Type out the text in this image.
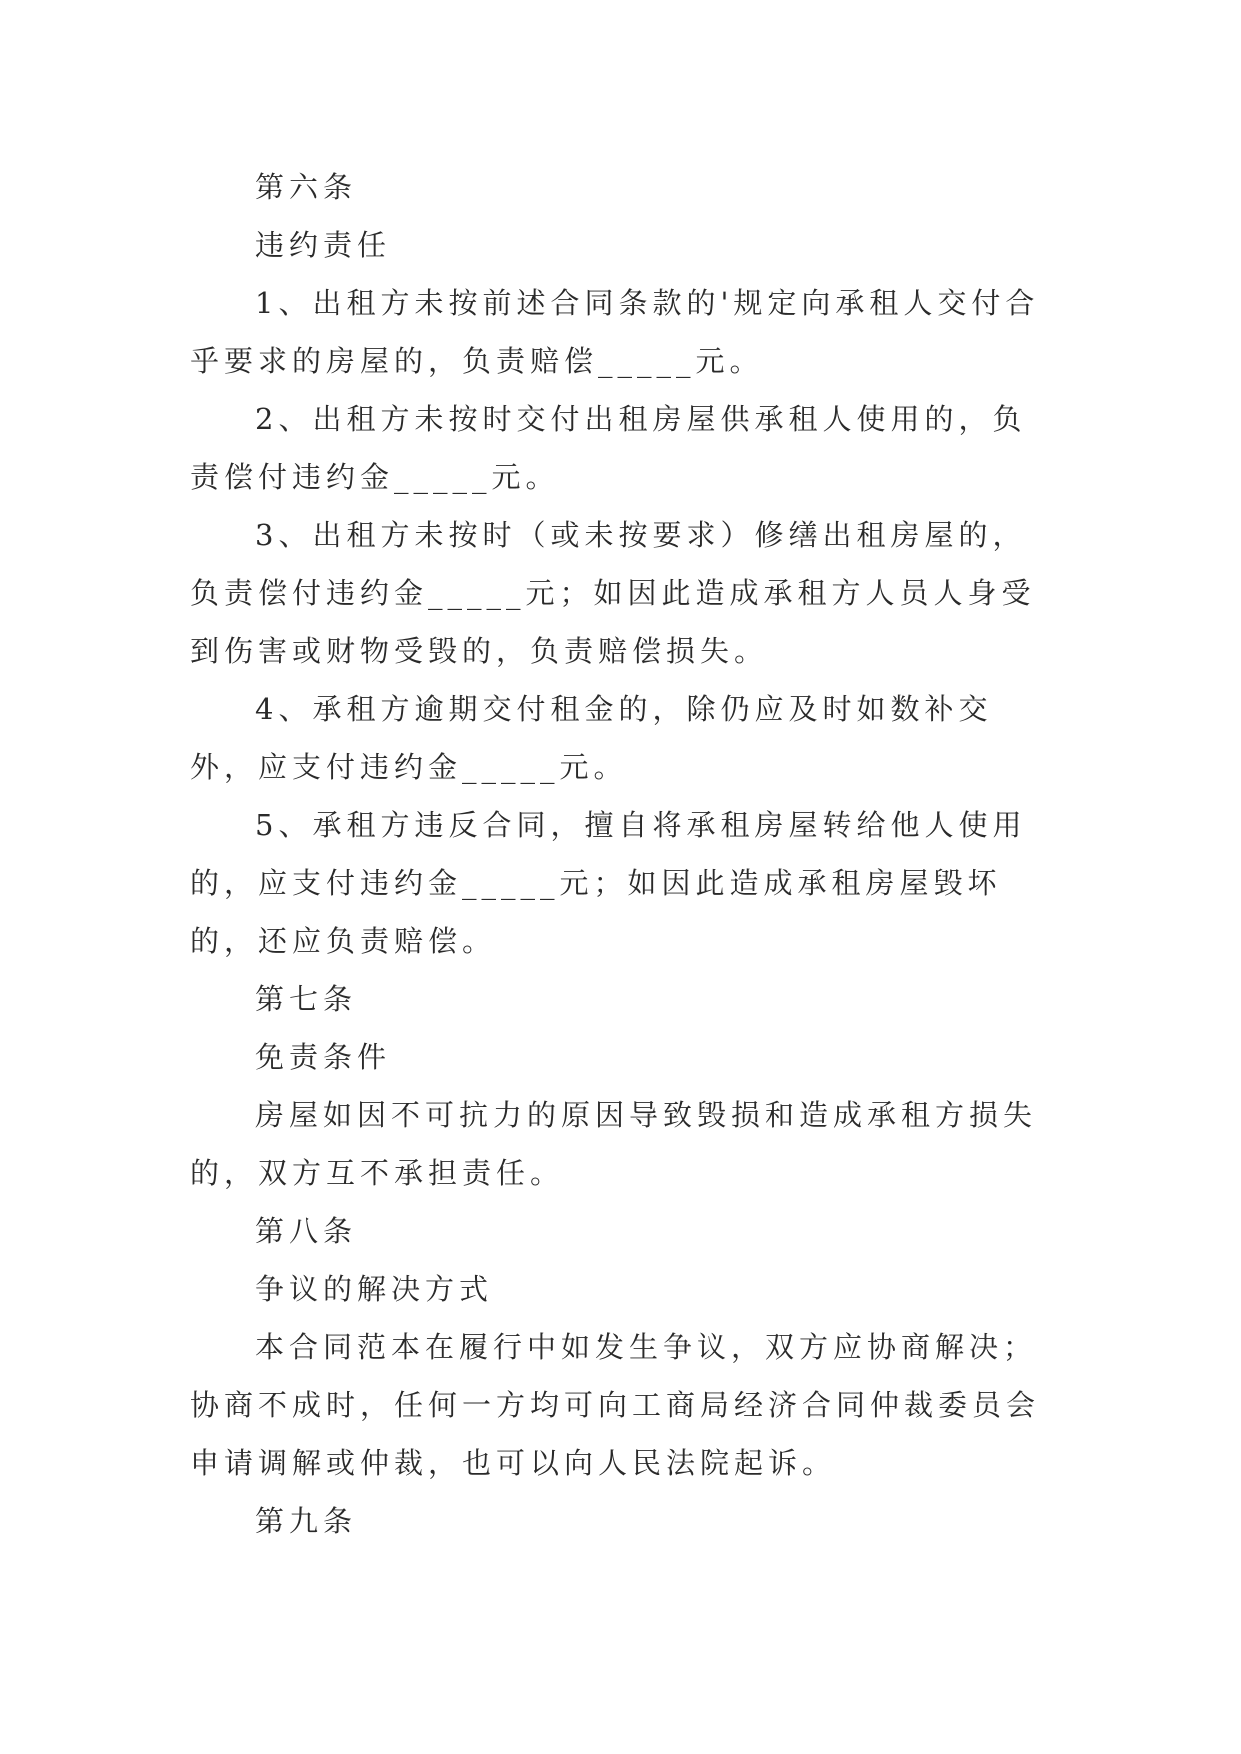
第六条

违约责任

1、出租方未按前述合同条款的'规定向承租人交付合乎要求的房屋的，负责赔偿_____元。

2、出租方未按时交付出租房屋供承租人使用的，负责偿付违约金_____元。

3、出租方未按时（或未按要求）修缮出租房屋的，负责偿付违约金_____元；如因此造成承租方人员人身受到伤害或财物受毁的，负责赔偿损失。

4、承租方逾期交付租金的，除仍应及时如数补交外，应支付违约金_____元。

5、承租方违反合同，擅自将承租房屋转给他人使用的，应支付违约金_____元；如因此造成承租房屋毁坏的，还应负责赔偿。

第七条

免责条件

房屋如因不可抗力的原因导致毁损和造成承租方损失的，双方互不承担责任。

第八条

争议的解决方式

本合同范本在履行中如发生争议，双方应协商解决；协商不成时，任何一方均可向工商局经济合同仲裁委员会申请调解或仲裁，也可以向人民法院起诉。

第九条
